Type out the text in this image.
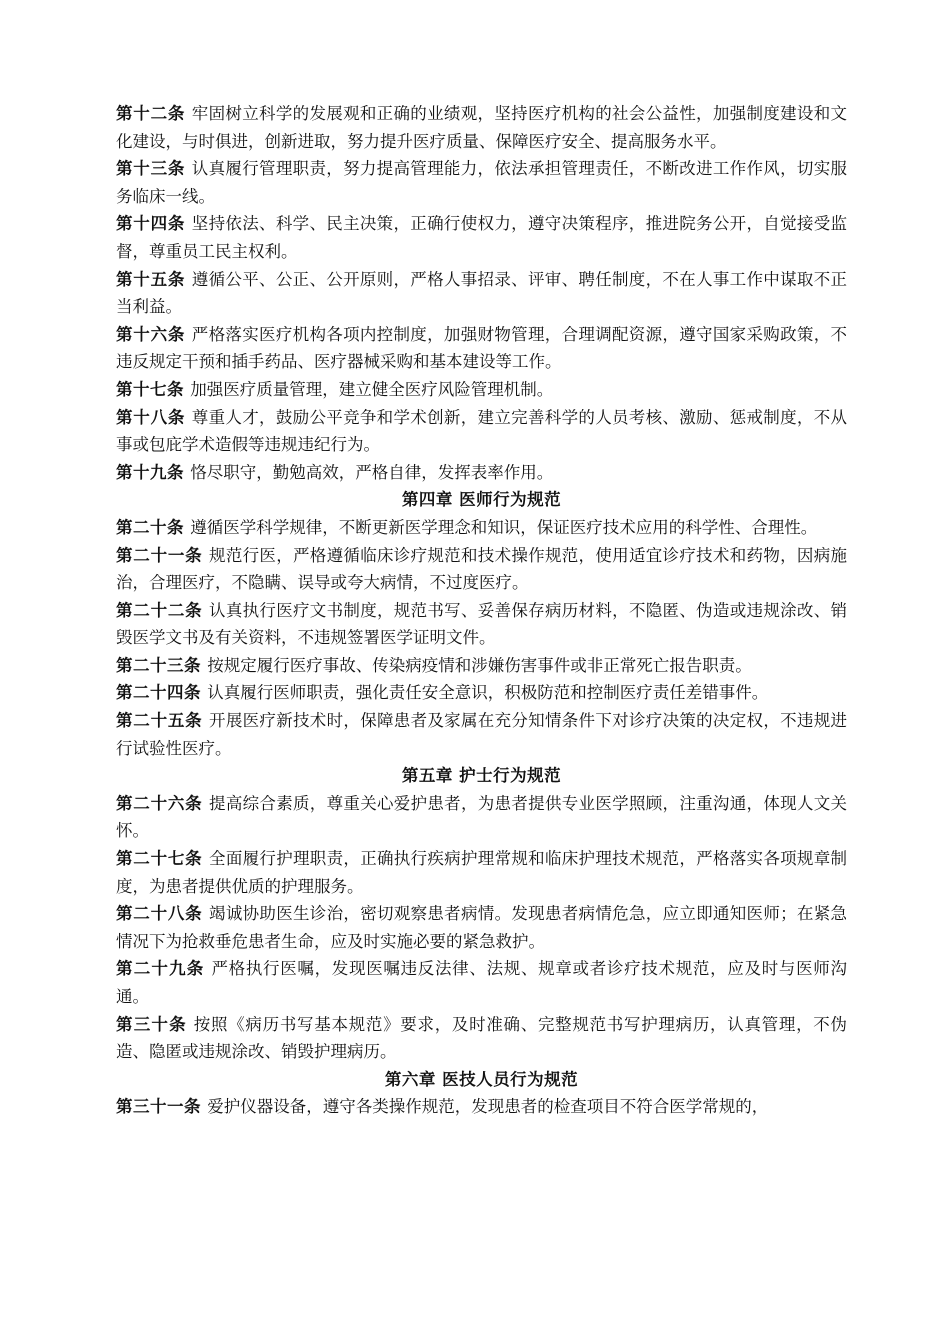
第十二条 牢固树立科学的发展观和正确的业绩观，坚持医疗机构的社会公益性，加强制度建设和文化建设，与时俱进，创新进取，努力提升医疗质量、保障医疗安全、提高服务水平。

第十三条 认真履行管理职责，努力提高管理能力，依法承担管理责任，不断改进工作作风，切实服务临床一线。

第十四条 坚持依法、科学、民主决策，正确行使权力，遵守决策程序，推进院务公开，自觉接受监督，尊重员工民主权利。

第十五条 遵循公平、公正、公开原则，严格人事招录、评审、聘任制度，不在人事工作中谋取不正当利益。

第十六条 严格落实医疗机构各项内控制度，加强财物管理，合理调配资源，遵守国家采购政策，不违反规定干预和插手药品、医疗器械采购和基本建设等工作。

第十七条 加强医疗质量管理，建立健全医疗风险管理机制。

第十八条 尊重人才，鼓励公平竞争和学术创新，建立完善科学的人员考核、激励、惩戒制度，不从事或包庇学术造假等违规违纪行为。

第十九条 恪尽职守，勤勉高效，严格自律，发挥表率作用。

第四章 医师行为规范

第二十条 遵循医学科学规律，不断更新医学理念和知识，保证医疗技术应用的科学性、合理性。

第二十一条 规范行医，严格遵循临床诊疗规范和技术操作规范，使用适宜诊疗技术和药物，因病施治，合理医疗，不隐瞒、误导或夸大病情，不过度医疗。

第二十二条 认真执行医疗文书制度，规范书写、妥善保存病历材料，不隐匿、伪造或违规涂改、销毁医学文书及有关资料，不违规签署医学证明文件。

第二十三条 按规定履行医疗事故、传染病疫情和涉嫌伤害事件或非正常死亡报告职责。

第二十四条 认真履行医师职责，强化责任安全意识，积极防范和控制医疗责任差错事件。

第二十五条 开展医疗新技术时，保障患者及家属在充分知情条件下对诊疗决策的决定权，不违规进行试验性医疗。

第五章 护士行为规范

第二十六条 提高综合素质，尊重关心爱护患者，为患者提供专业医学照顾，注重沟通，体现人文关怀。

第二十七条 全面履行护理职责，正确执行疾病护理常规和临床护理技术规范，严格落实各项规章制度，为患者提供优质的护理服务。

第二十八条 竭诚协助医生诊治，密切观察患者病情。发现患者病情危急，应立即通知医师；在紧急情况下为抢救垂危患者生命，应及时实施必要的紧急救护。

第二十九条 严格执行医嘱，发现医嘱违反法律、法规、规章或者诊疗技术规范，应及时与医师沟通。

第三十条 按照《病历书写基本规范》要求，及时准确、完整规范书写护理病历，认真管理，不伪造、隐匿或违规涂改、销毁护理病历。

第六章 医技人员行为规范

第三十一条 爱护仪器设备，遵守各类操作规范，发现患者的检查项目不符合医学常规的，
